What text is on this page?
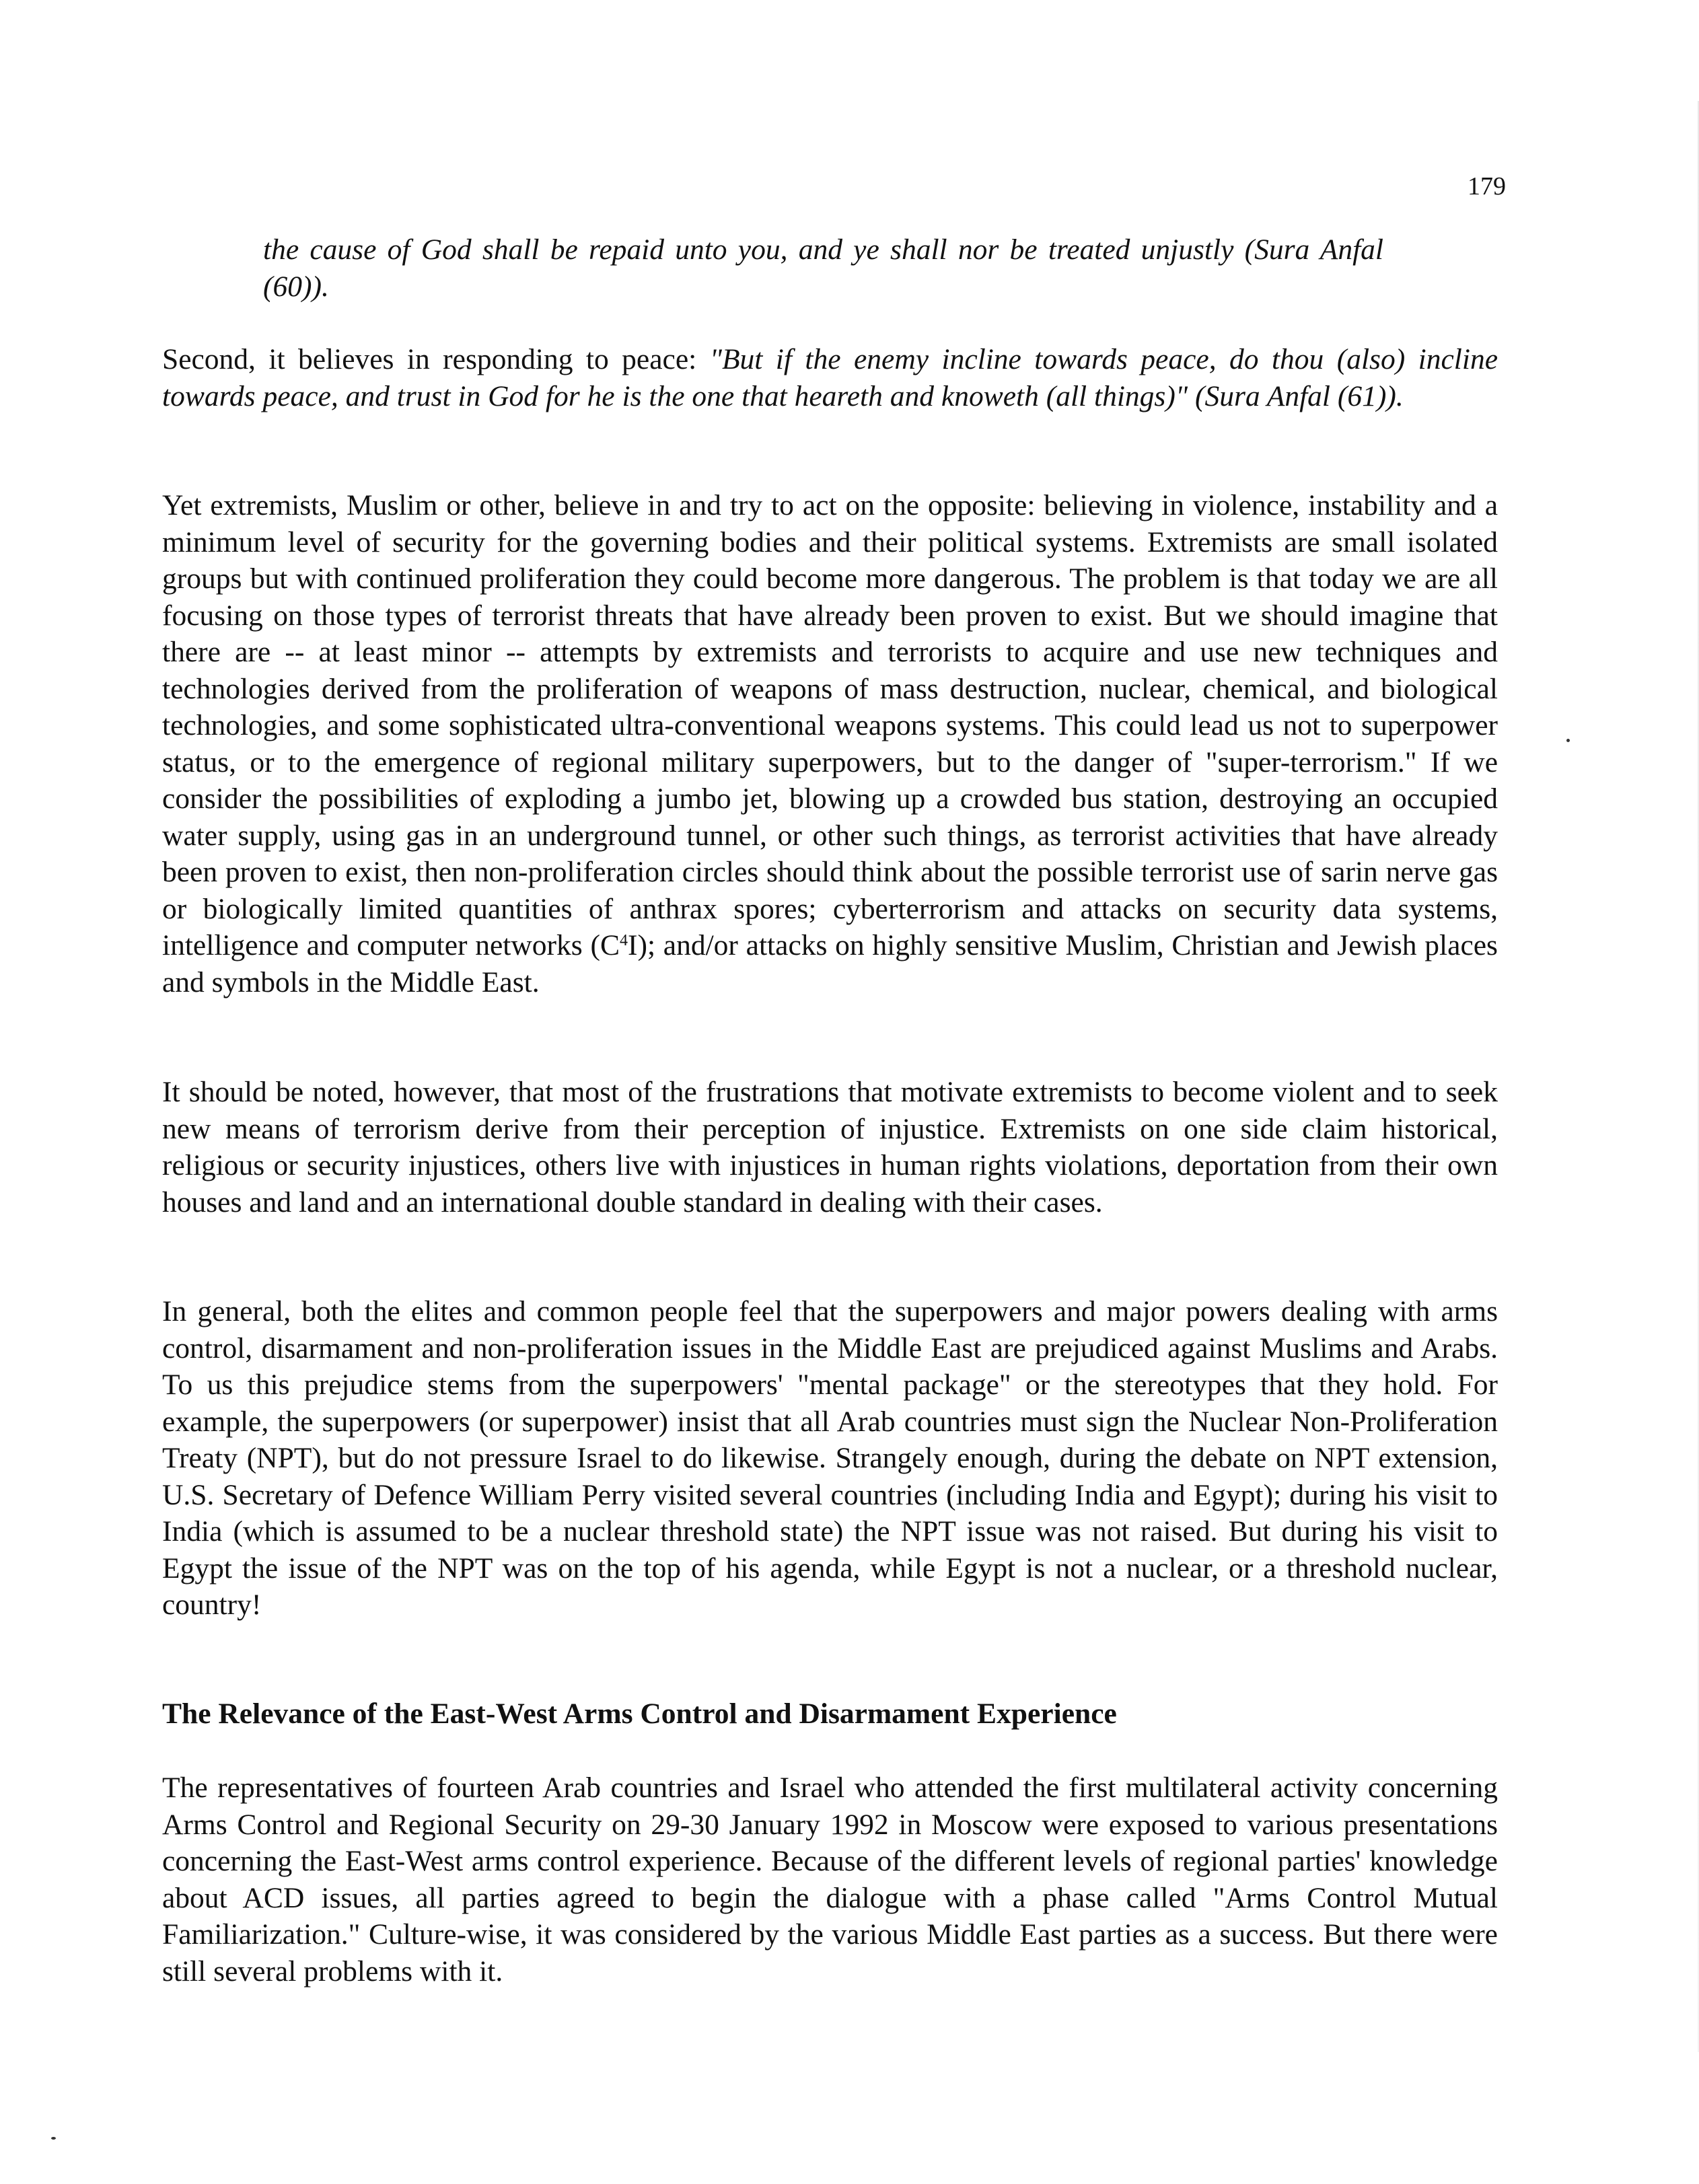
179

the cause of God shall be repaid unto you, and ye shall nor be treated unjustly (Sura Anfal (60)).

Second, it believes in responding to peace: "But if the enemy incline towards peace, do thou (also) incline towards peace, and trust in God for he is the one that heareth and knoweth (all things)" (Sura Anfal (61)).

Yet extremists, Muslim or other, believe in and try to act on the opposite: believing in violence, instability and a minimum level of security for the governing bodies and their political systems. Extremists are small isolated groups but with continued proliferation they could become more dangerous. The problem is that today we are all focusing on those types of terrorist threats that have already been proven to exist. But we should imagine that there are -- at least minor -- attempts by extremists and terrorists to acquire and use new techniques and technologies derived from the proliferation of weapons of mass destruction, nuclear, chemical, and biological technologies, and some sophisticated ultra-conventional weapons systems. This could lead us not to superpower status, or to the emergence of regional military superpowers, but to the danger of "super-terrorism." If we consider the possibilities of exploding a jumbo jet, blowing up a crowded bus station, destroying an occupied water supply, using gas in an underground tunnel, or other such things, as terrorist activities that have already been proven to exist, then non-proliferation circles should think about the possible terrorist use of sarin nerve gas or biologically limited quantities of anthrax spores; cyberterrorism and attacks on security data systems, intelligence and computer networks $(C^4I)$; and/or attacks on highly sensitive Muslim, Christian and Jewish places and symbols in the Middle East.

It should be noted, however, that most of the frustrations that motivate extremists to become violent and to seek new means of terrorism derive from their perception of injustice. Extremists on one side claim historical, religious or security injustices, others live with injustices in human rights violations, deportation from their own houses and land and an international double standard in dealing with their cases.

In general, both the elites and common people feel that the superpowers and major powers dealing with arms control, disarmament and non-proliferation issues in the Middle East are prejudiced against Muslims and Arabs. To us this prejudice stems from the superpowers' "mental package" or the stereotypes that they hold. For example, the superpowers (or superpower) insist that all Arab countries must sign the Nuclear Non-Proliferation Treaty (NPT), but do not pressure Israel to do likewise. Strangely enough, during the debate on NPT extension, U.S. Secretary of Defence William Perry visited several countries (including India and Egypt); during his visit to India (which is assumed to be a nuclear threshold state) the NPT issue was not raised. But during his visit to Egypt the issue of the NPT was on the top of his agenda, while Egypt is not a nuclear, or a threshold nuclear, country!

The Relevance of the East-West Arms Control and Disarmament Experience

The representatives of fourteen Arab countries and Israel who attended the first multilateral activity concerning Arms Control and Regional Security on 29-30 January 1992 in Moscow were exposed to various presentations concerning the East-West arms control experience. Because of the different levels of regional parties' knowledge about ACD issues, all parties agreed to begin the dialogue with a phase called "Arms Control Mutual Familiarization." Culture-wise, it was considered by the various Middle East parties as a success. But there were still several problems with it.
